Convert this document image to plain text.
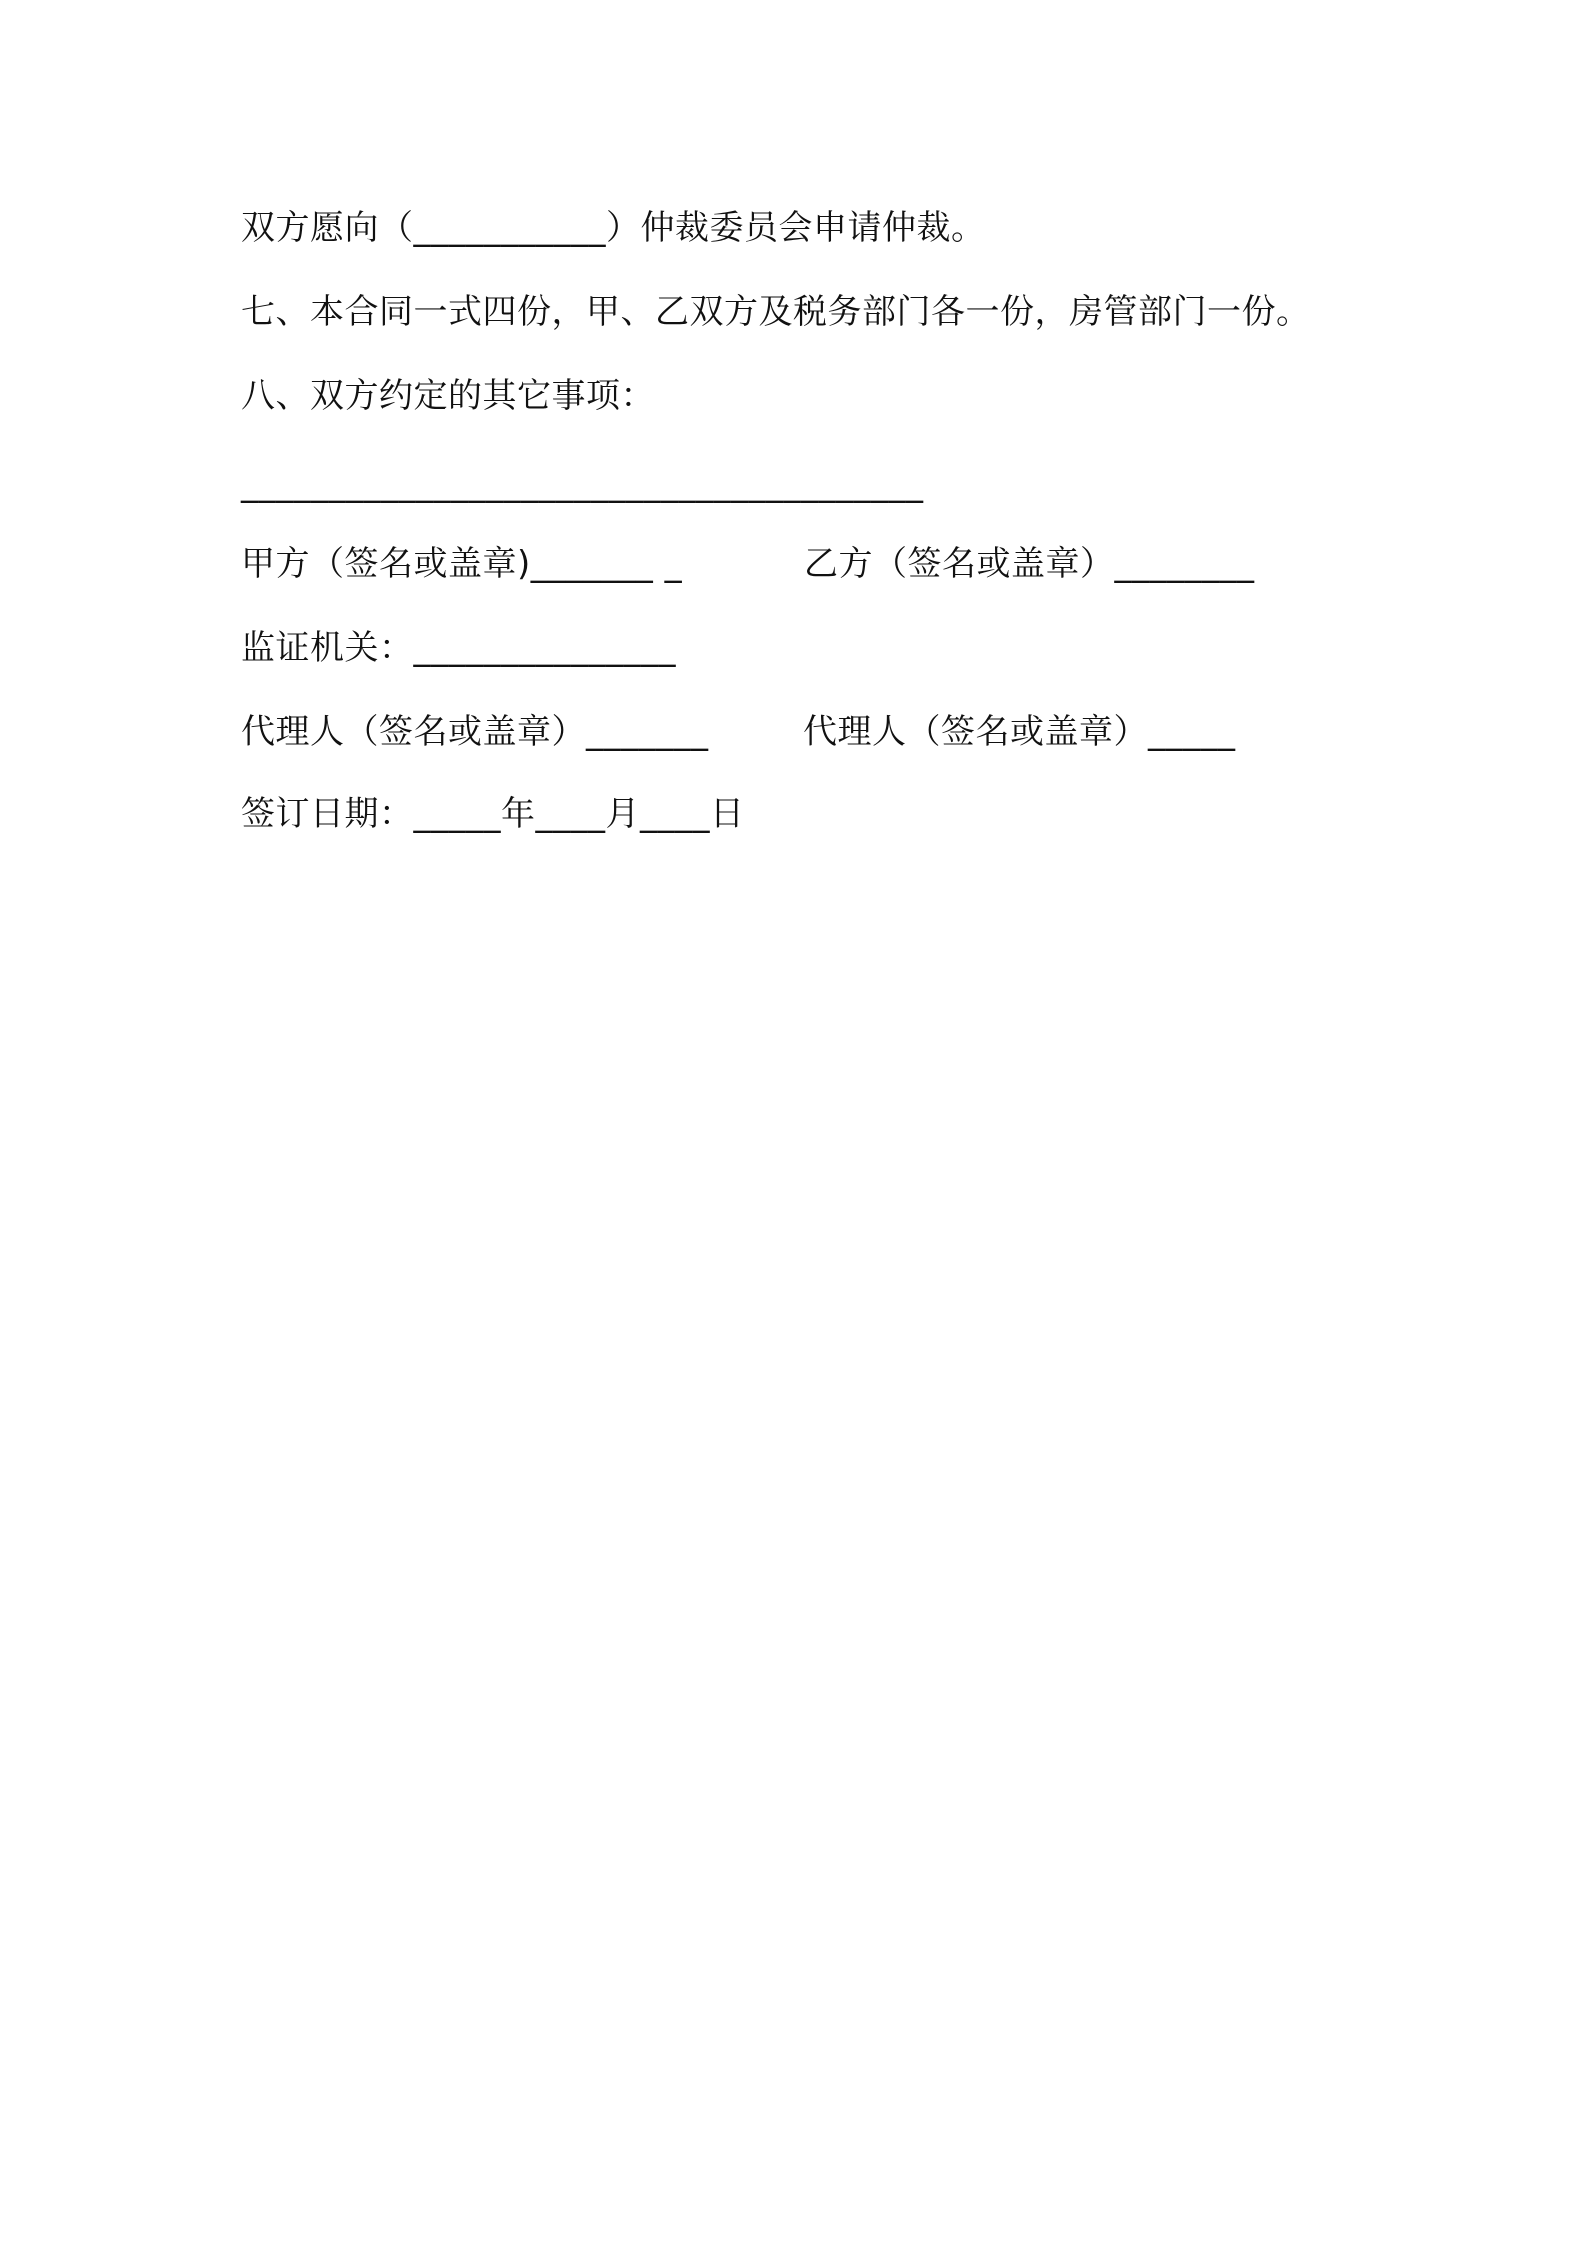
双方愿向（___________）仲裁委员会申请仲裁。
七、本合同一式四份，甲、乙双方及税务部门各一份，房管部门一份。
八、双方约定的其它事项：
_______________________________________

甲方（签名或盖章)_______ _

	乙方（签名或盖章）________

监证机关：_______________

代理人（签名或盖章）_______

	代理人（签名或盖章）_____

签订日期：_____年____月____日
